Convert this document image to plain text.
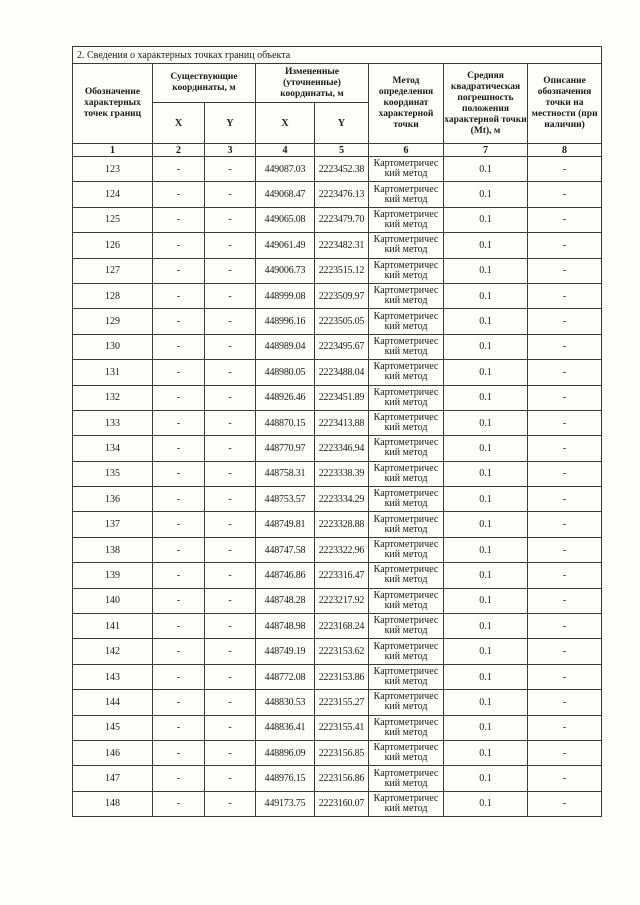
2. Сведения о характерных точках границ объекта							
Обозначение характерных точек границ	Существующие координаты, м		Измененные (уточненные) координаты, м		Метод определения координат характерной точки	Средняя квадратическая погрешность положения характерной точки (Mt), м	Описание обозначения точки на местности (при наличии)
	X	Y	X	Y			
1	2	3	4	5	6	7	8
123	-	-	449087.03	2223452.38	Картометричес кий метод	0.1	-
124	-	-	449068.47	2223476.13	Картометричес кий метод	0.1	-
125	-	-	449065.08	2223479.70	Картометричес кий метод	0.1	-
126	-	-	449061.49	2223482.31	Картометричес кий метод	0.1	-
127	-	-	449006.73	2223515.12	Картометричес кий метод	0.1	-
128	-	-	448999.08	2223509.97	Картометричес кий метод	0.1	-
129	-	-	448996.16	2223505.05	Картометричес кий метод	0.1	-
130	-	-	448989.04	2223495.67	Картометричес кий метод	0.1	-
131	-	-	448980.05	2223488.04	Картометричес кий метод	0.1	-
132	-	-	448926.46	2223451.89	Картометричес кий метод	0.1	-
133	-	-	448870.15	2223413.88	Картометричес кий метод	0.1	-
134	-	-	448770.97	2223346.94	Картометричес кий метод	0.1	-
135	-	-	448758.31	2223338.39	Картометричес кий метод	0.1	-
136	-	-	448753.57	2223334.29	Картометричес кий метод	0.1	-
137	-	-	448749.81	2223328.88	Картометричес кий метод	0.1	-
138	-	-	448747.58	2223322.96	Картометричес кий метод	0.1	-
139	-	-	448746.86	2223316.47	Картометричес кий метод	0.1	-
140	-	-	448748.28	2223217.92	Картометричес кий метод	0.1	-
141	-	-	448748.98	2223168.24	Картометричес кий метод	0.1	-
142	-	-	448749.19	2223153.62	Картометричес кий метод	0.1	-
143	-	-	448772.08	2223153.86	Картометричес кий метод	0.1	-
144	-	-	448830.53	2223155.27	Картометричес кий метод	0.1	-
145	-	-	448836.41	2223155.41	Картометричес кий метод	0.1	-
146	-	-	448896.09	2223156.85	Картометричес кий метод	0.1	-
147	-	-	448976.15	2223156.86	Картометричес кий метод	0.1	-
148	-	-	449173.75	2223160.07	Картометричес кий метод	0.1	-
